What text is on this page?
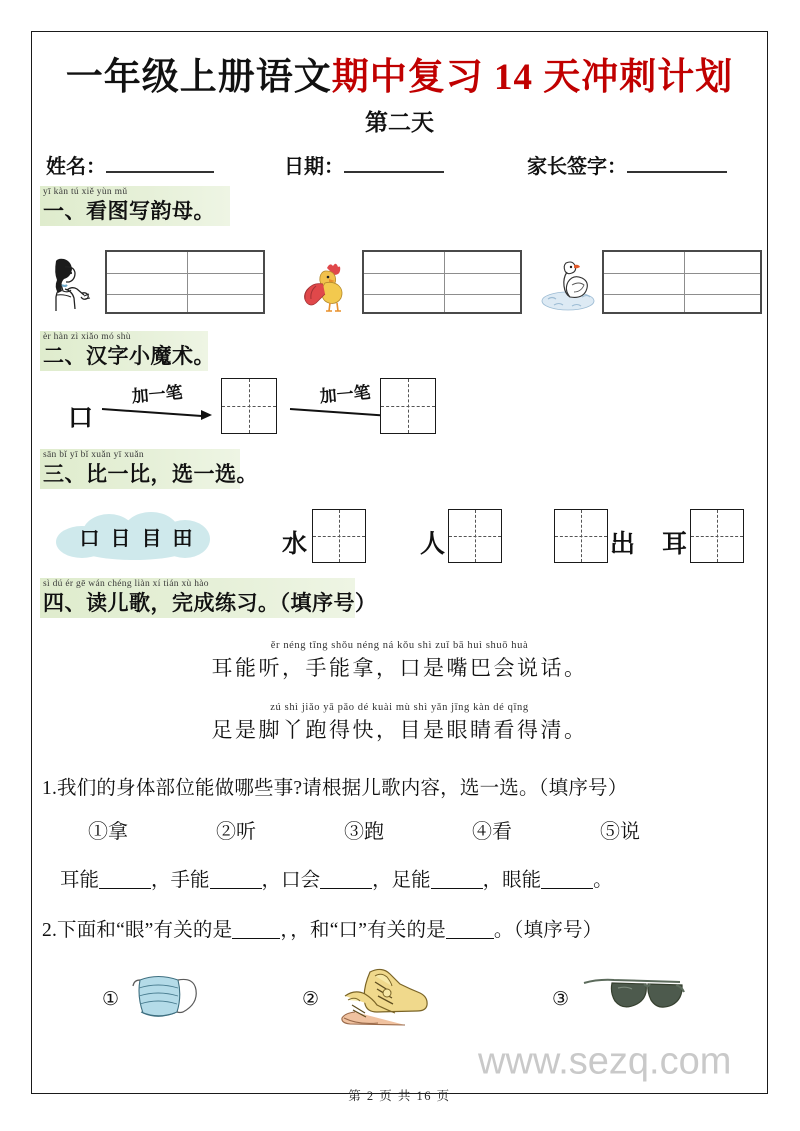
www.sezq.com
一年级上册语文期中复习 14 天冲刺计划
第二天
姓名：	日期：	家长签字：
yī kàn tú xiě yùn mǔ
一、看图写韵母。
èr hàn zì xiǎo mó shù
二、汉字小魔术。
口
加一笔	加一笔
sān bǐ yī bǐ xuǎn yī xuǎn
三、比一比，选一选。
口 日 目 田	水	人	出 耳
sì dú ér gē wán chéng liàn xí tián xù hào
四、读儿歌，完成练习。（填序号）
ěr néng tīng shǒu néng ná kǒu shì zuǐ bā huì shuō huà
耳能听，手能拿，口是嘴巴会说话。
zú shì jiǎo yā pǎo dé kuài mù shì yǎn jīng kàn dé qīng
足是脚丫跑得快，目是眼睛看得清。
1.我们的身体部位能做哪些事?请根据儿歌内容，选一选。（填序号）
①拿	②听	③跑	④看	⑤说
耳能	，手能	，口会	，足能	，眼能	。
2.下面和“眼”有关的是 ，，和“口”有关的是 。（填序号）
①	②	③
第 2 页 共 16 页
